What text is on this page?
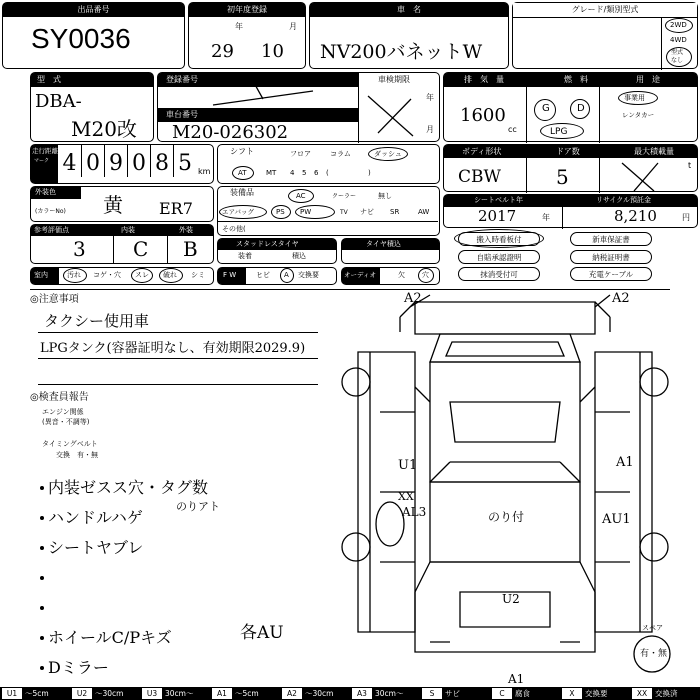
出品番号
SY0036
初年度登録
年	月
29 10
車　名
NV200バネットW
グレード/類別型式
2WD
4WD
型式
なし
型　式
DBA-
M20改
登録番号	車検期限
年
月
車台番号
M20-026302
排　気　量	燃　料	用　途
1600
cc
G	D
LPG
事業用
レンタカー
走行距離
マーク 4 0 9 0 8 5 km
シフト	フロア	コラム	ダッシュ
AT	MT 4 5 6 (	)
ボディ形状	ドア数	最大積載量
CBW	5	t
外装色
(カラーNo) 黄 ER7
装備品	AC	クーラー	無し
エアバッグ	PS PW	TV ナビ SR	AW
その他(
シートベルト年	リサイクル預託金
2017	年	8,210	円
参考評価点	内装	外装
3 C B	スタッドレスタイヤ
装着	積込
タイヤ積込	搬入時看板付
自賠承認證明
抹消受付可
新車保証書
納税証明書
充電ケーブル
室内	汚れ コゲ・穴 スレ 破れ シミ	F W	ヒビ A 交換要	オーディオ	欠 穴
◎注意事項
タクシー使用車
LPGタンク(容器証明なし、有効期限2029.9)
◎検査員報告
エンジン関係
(異音・不調等)
タイミングベルト
交換　有・無
内装ゼスス穴・タグ数
ハンドルハゲ
シートヤブレ
ホイールC/Pキズ
Dミラー
のりアト
各AU
A2	A2
U1
XX
AL3
A1
AU1
のり付
U2
A1
スペア
有・無
U1	〜5cm	U2	〜30cm	U3	30cm〜	A1	〜5cm	A2	〜30cm	A3	30cm〜	S	サビ	C	腐食	X	交換要	XX	交換済
